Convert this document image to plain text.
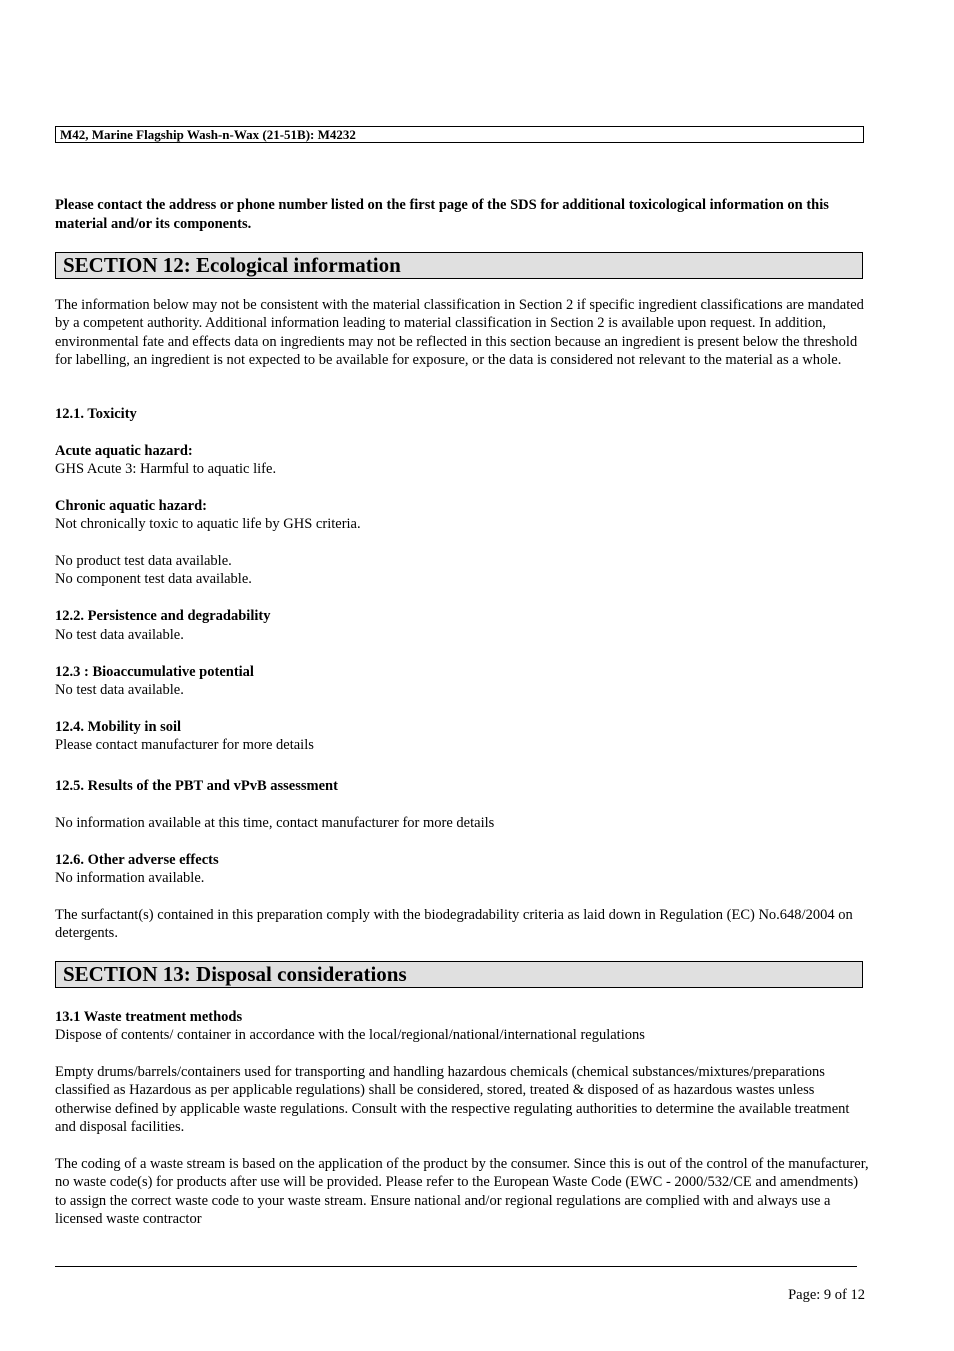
M42, Marine Flagship Wash-n-Wax (21-51B): M4232
Please contact the address or phone number listed on the first page of the SDS for additional toxicological information on this material and/or its components.
SECTION 12: Ecological information
The information below may not be consistent with the material classification in Section 2 if specific ingredient classifications are mandated by a competent authority. Additional information leading to material classification in Section 2 is available upon request. In addition, environmental fate and effects data on ingredients may not be reflected in this section because an ingredient is present below the threshold for labelling, an ingredient is not expected to be available for exposure, or the data is considered not relevant to the material as a whole.
12.1. Toxicity
Acute aquatic hazard:
GHS Acute 3: Harmful to aquatic life.
Chronic aquatic hazard:
Not chronically toxic to aquatic life by GHS criteria.
No product test data available.
No component test data available.
12.2. Persistence and degradability
No test data available.
12.3 : Bioaccumulative potential
No test data available.
12.4. Mobility in soil
Please contact manufacturer for more details
12.5. Results of the PBT and vPvB assessment
No information available at this time, contact manufacturer for more details
12.6. Other adverse effects
No information available.
The surfactant(s) contained in this preparation comply with the biodegradability criteria as laid down in Regulation (EC) No.648/2004 on detergents.
SECTION 13: Disposal considerations
13.1 Waste treatment methods
Dispose of contents/ container in accordance with the local/regional/national/international regulations
Empty drums/barrels/containers used for transporting and handling hazardous chemicals (chemical substances/mixtures/preparations classified as Hazardous as per applicable regulations) shall be considered, stored, treated & disposed of as hazardous wastes unless otherwise defined by applicable waste regulations. Consult with the respective regulating authorities to determine the available treatment and disposal facilities.
The coding of a waste stream is based on the application of the product by the consumer. Since this is out of the control of the manufacturer, no waste code(s) for products after use will be provided. Please refer to the European Waste Code (EWC - 2000/532/CE and amendments) to assign the correct waste code to your waste stream. Ensure national and/or regional regulations are complied with and always use a licensed waste contractor
Page: 9 of 12
